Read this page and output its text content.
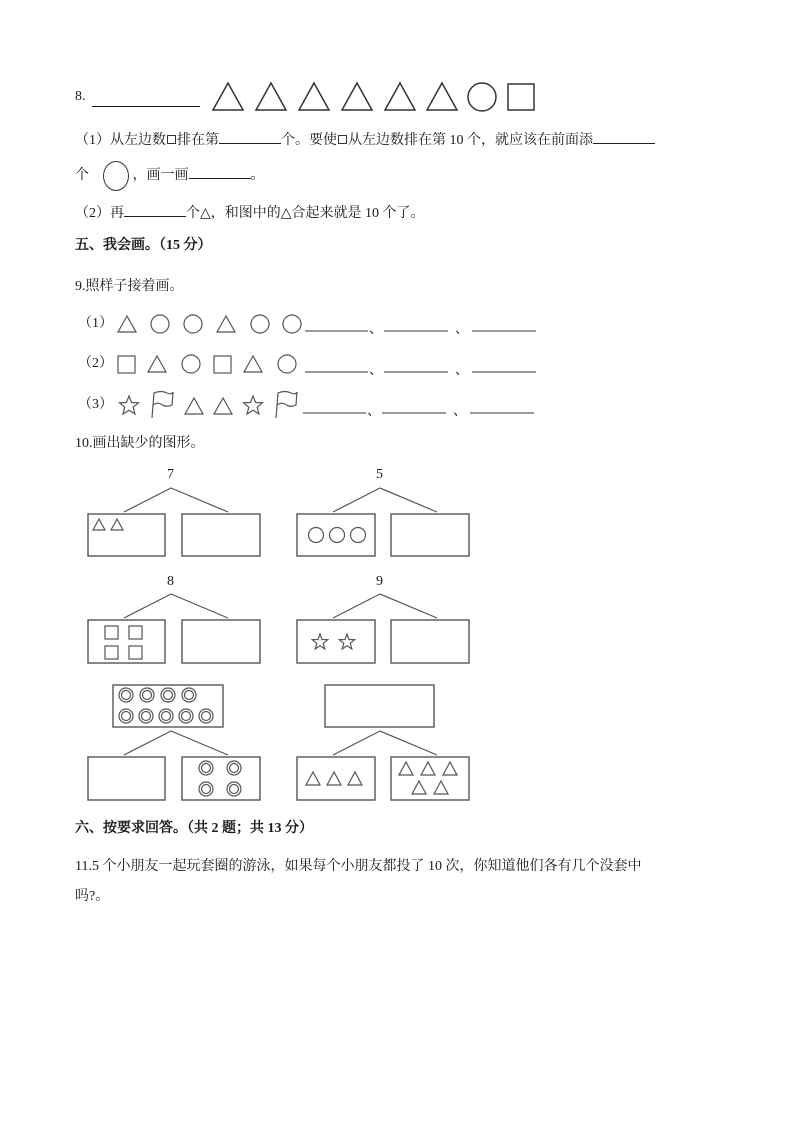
8.
（1）从左边数 排在第	个。要使 从左边数排在第 10 个，就应该在前面添
个	，画一画	。
（2）再	个△，和图中的△合起来就是 10 个了。
五、我会画。（15 分）
9.照样子接着画。
（1）
（2）
（3）
、	、
、	、
、	、
10.画出缺少的图形。
7	5
8	9
六、按要求回答。（共 2 题；共 13 分）
11.5 个小朋友一起玩套圈的游泳，如果每个小朋友都投了 10 次，你知道他们各有几个没套中
吗?。
